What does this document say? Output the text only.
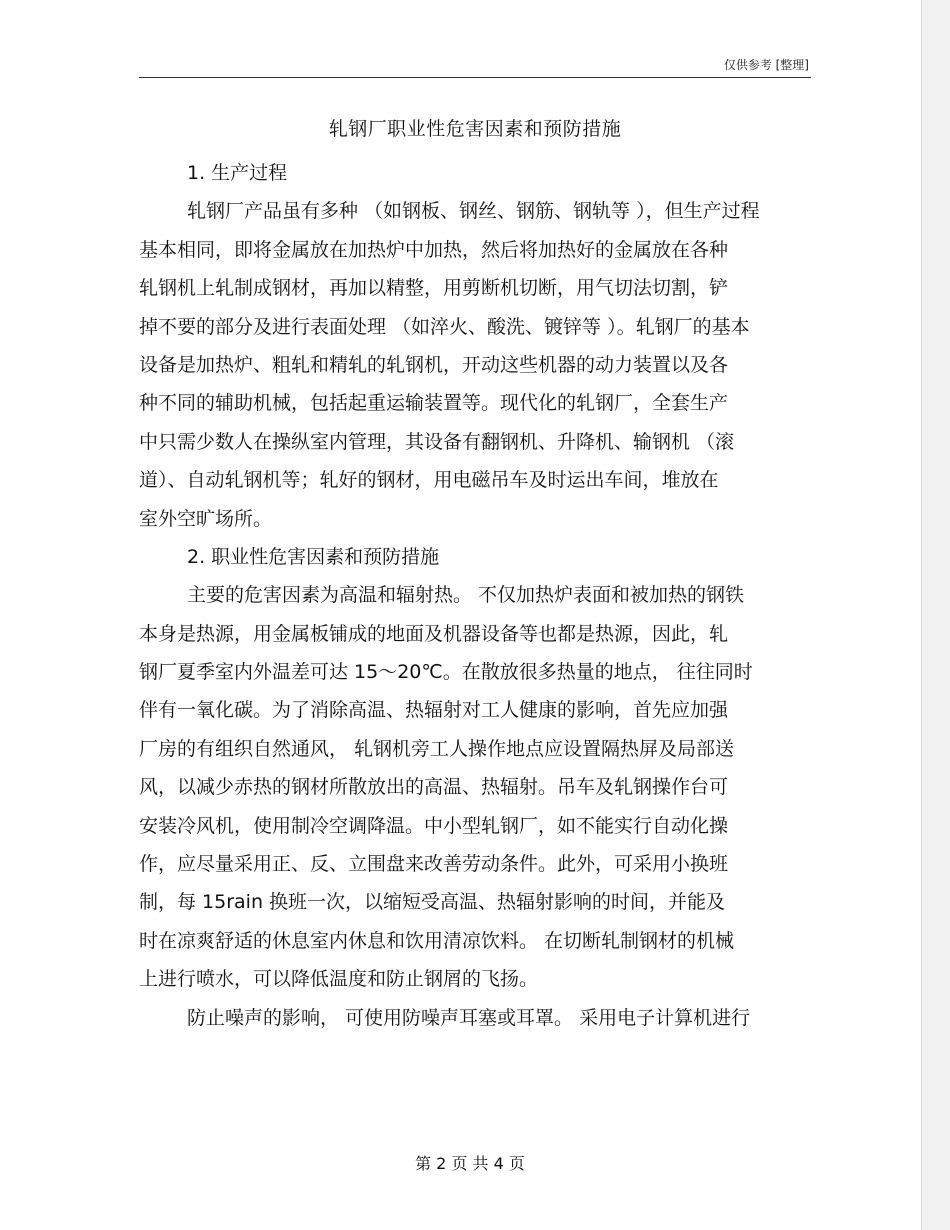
仅供参考 [整理]
轧钢厂职业性危害因素和预防措施
1. 生产过程
轧钢厂产品虽有多种 （如钢板、钢丝、钢筋、钢轨等 ），但生产过程
基本相同，即将金属放在加热炉中加热，然后将加热好的金属放在各种
轧钢机上轧制成钢材，再加以精整，用剪断机切断，用气切法切割，铲
掉不要的部分及进行表面处理 （如淬火、酸洗、镀锌等 ）。轧钢厂的基本
设备是加热炉、粗轧和精轧的轧钢机，开动这些机器的动力装置以及各
种不同的辅助机械，包括起重运输装置等。现代化的轧钢厂，全套生产
中只需少数人在操纵室内管理，其设备有翻钢机、升降机、输钢机 （滚
道）、自动轧钢机等；轧好的钢材，用电磁吊车及时运出车间，堆放在
室外空旷场所。
2. 职业性危害因素和预防措施
主要的危害因素为高温和辐射热。 不仅加热炉表面和被加热的钢铁
本身是热源，用金属板铺成的地面及机器设备等也都是热源，因此，轧
钢厂夏季室内外温差可达 15～20℃。在散放很多热量的地点， 往往同时
伴有一氧化碳。为了消除高温、热辐射对工人健康的影响，首先应加强
厂房的有组织自然通风， 轧钢机旁工人操作地点应设置隔热屏及局部送
风，以减少赤热的钢材所散放出的高温、热辐射。吊车及轧钢操作台可
安装冷风机，使用制冷空调降温。中小型轧钢厂，如不能实行自动化操
作，应尽量采用正、反、立围盘来改善劳动条件。此外，可采用小换班
制，每 15rain 换班一次，以缩短受高温、热辐射影响的时间，并能及
时在凉爽舒适的休息室内休息和饮用清凉饮料。 在切断轧制钢材的机械
上进行喷水，可以降低温度和防止钢屑的飞扬。
防止噪声的影响， 可使用防噪声耳塞或耳罩。 采用电子计算机进行
第 2 页 共 4 页
